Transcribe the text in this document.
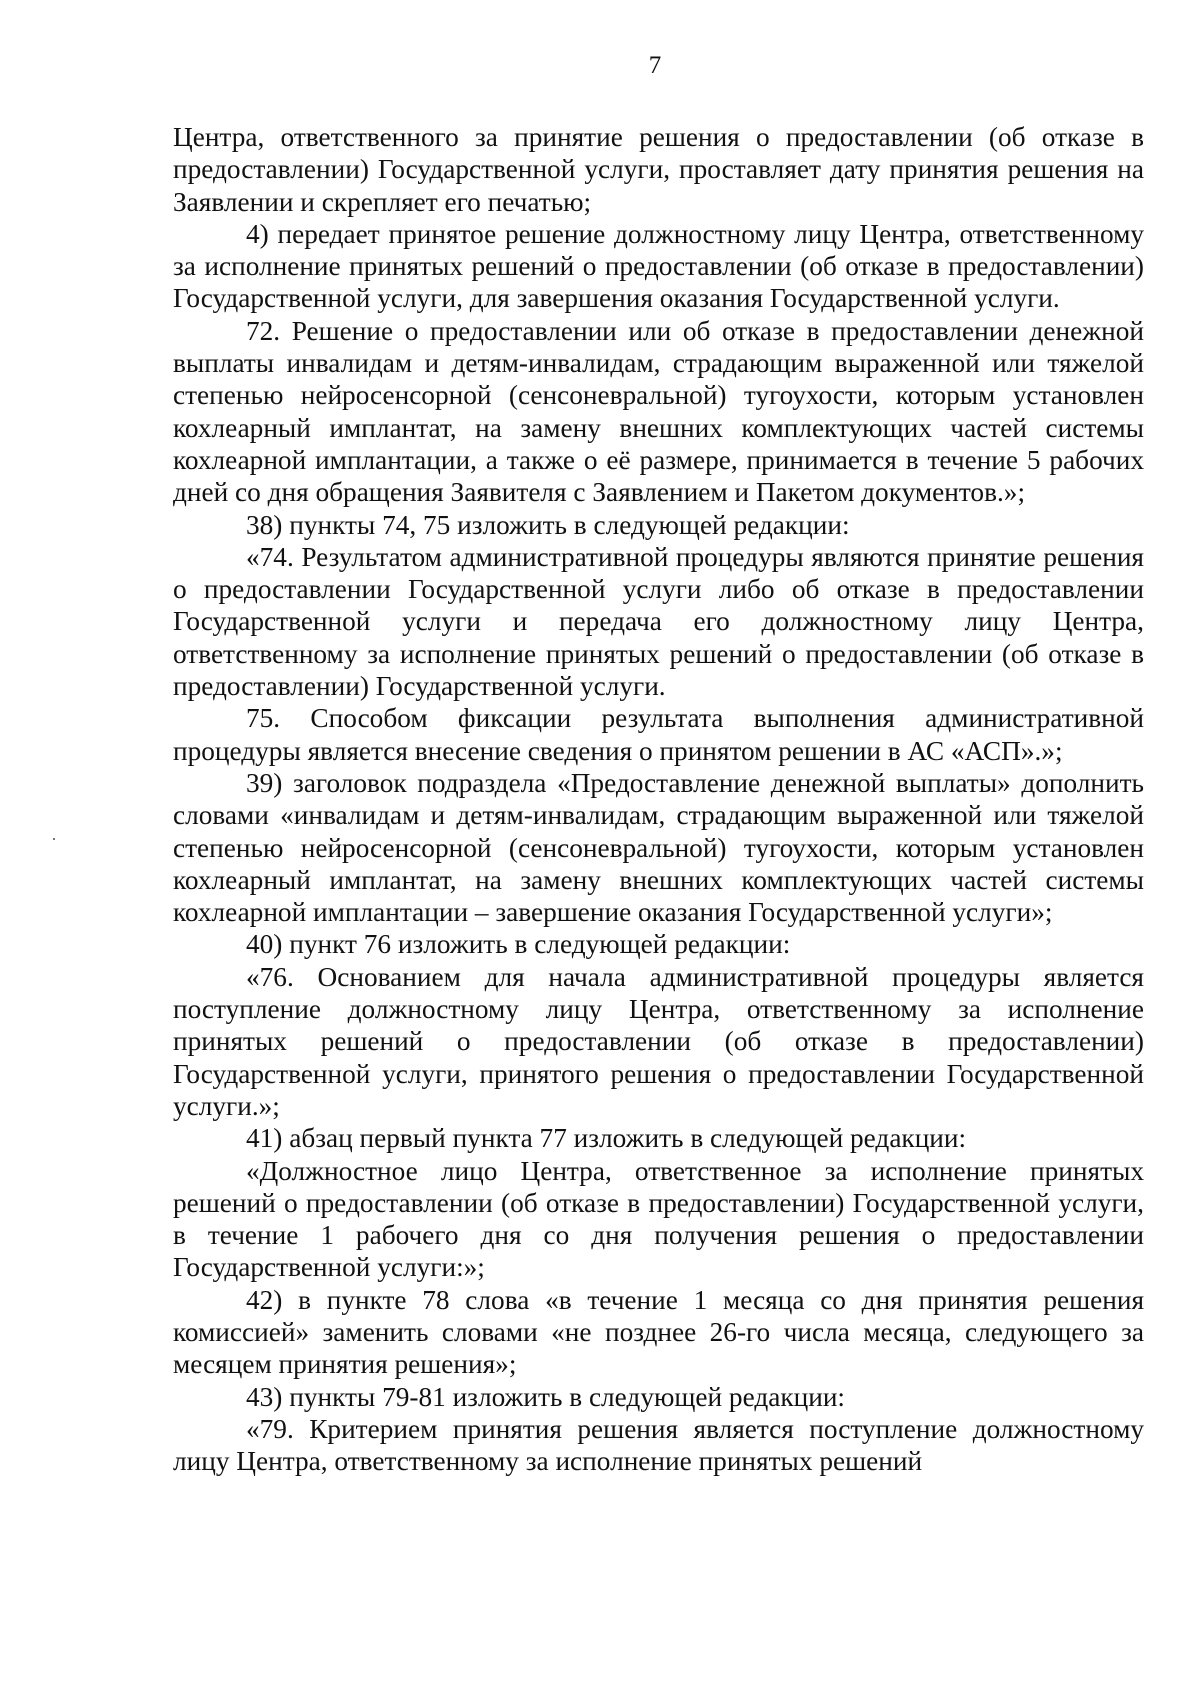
7

Центра, ответственного за принятие решения о предоставлении (об отказе в предоставлении) Государственной услуги, проставляет дату принятия решения на Заявлении и скрепляет его печатью;

4) передает принятое решение должностному лицу Центра, ответственному за исполнение принятых решений о предоставлении (об отказе в предоставлении) Государственной услуги, для завершения оказания Государственной услуги.

72. Решение о предоставлении или об отказе в предоставлении денежной выплаты инвалидам и детям-инвалидам, страдающим выраженной или тяжелой степенью нейросенсорной (сенсоневральной) тугоухости, которым установлен кохлеарный имплантат, на замену внешних комплектующих частей системы кохлеарной имплантации, а также о её размере, принимается в течение 5 рабочих дней со дня обращения Заявителя с Заявлением и Пакетом документов.»;

38) пункты 74, 75 изложить в следующей редакции:

«74. Результатом административной процедуры являются принятие решения о предоставлении Государственной услуги либо об отказе в предоставлении Государственной услуги и передача его должностному лицу Центра, ответственному за исполнение принятых решений о предоставлении (об отказе в предоставлении) Государственной услуги.

75. Способом фиксации результата выполнения административной процедуры является внесение сведения о принятом решении в АС «АСП».»;

39) заголовок подраздела «Предоставление денежной выплаты» дополнить словами «инвалидам и детям-инвалидам, страдающим выраженной или тяжелой степенью нейросенсорной (сенсоневральной) тугоухости, которым установлен кохлеарный имплантат, на замену внешних комплектующих частей системы кохлеарной имплантации – завершение оказания Государственной услуги»;

40) пункт 76 изложить в следующей редакции:

«76. Основанием для начала административной процедуры является поступление должностному лицу Центра, ответственному за исполнение принятых решений о предоставлении (об отказе в предоставлении) Государственной услуги, принятого решения о предоставлении Государственной услуги.»;

41) абзац первый пункта 77 изложить в следующей редакции:

«Должностное лицо Центра, ответственное за исполнение принятых решений о предоставлении (об отказе в предоставлении) Государственной услуги, в течение 1 рабочего дня со дня получения решения о предоставлении Государственной услуги:»;

42) в пункте 78 слова «в течение 1 месяца со дня принятия решения комиссией» заменить словами «не позднее 26-го числа месяца, следующего за месяцем принятия решения»;

43) пункты 79-81 изложить в следующей редакции:

«79. Критерием принятия решения является поступление должностному лицу Центра, ответственному за исполнение принятых решений
